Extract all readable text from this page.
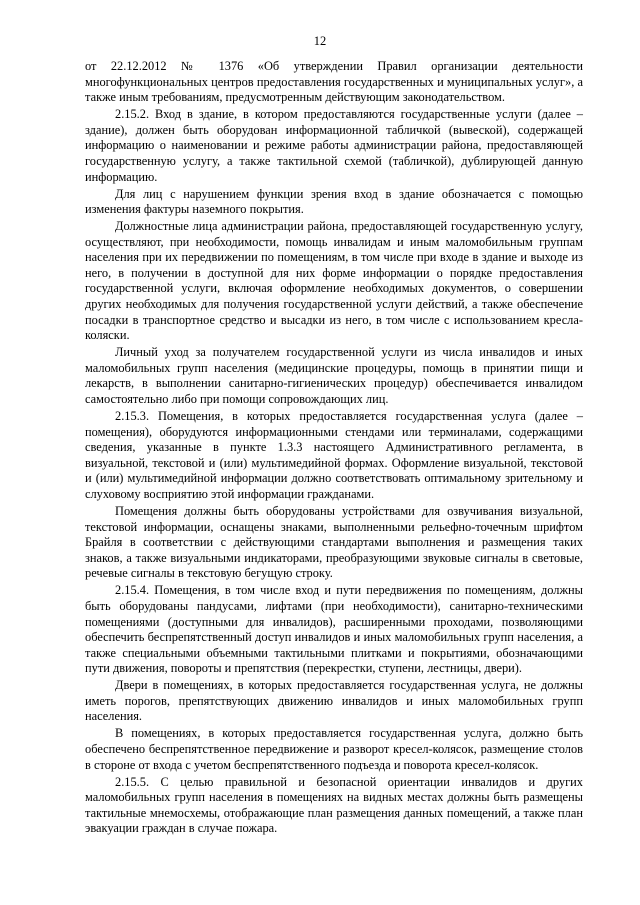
12

от 22.12.2012 № 1376 «Об утверждении Правил организации деятельности многофункциональных центров предоставления государственных и муниципальных услуг», а также иным требованиям, предусмотренным действующим законодательством.

2.15.2. Вход в здание, в котором предоставляются государственные услуги (далее – здание), должен быть оборудован информационной табличкой (вывеской), содержащей информацию о наименовании и режиме работы администрации района, предоставляющей государственную услугу, а также тактильной схемой (табличкой), дублирующей данную информацию.

Для лиц с нарушением функции зрения вход в здание обозначается с помощью изменения фактуры наземного покрытия.

Должностные лица администрации района, предоставляющей государственную услугу, осуществляют, при необходимости, помощь инвалидам и иным маломобильным группам населения при их передвижении по помещениям, в том числе при входе в здание и выходе из него, в получении в доступной для них форме информации о порядке предоставления государственной услуги, включая оформление необходимых документов, о совершении других необходимых для получения государственной услуги действий, а также обеспечение посадки в транспортное средство и высадки из него, в том числе с использованием кресла-коляски.

Личный уход за получателем государственной услуги из числа инвалидов и иных маломобильных групп населения (медицинские процедуры, помощь в принятии пищи и лекарств, в выполнении санитарно-гигиенических процедур) обеспечивается инвалидом самостоятельно либо при помощи сопровождающих лиц.

2.15.3. Помещения, в которых предоставляется государственная услуга (далее – помещения), оборудуются информационными стендами или терминалами, содержащими сведения, указанные в пункте 1.3.3 настоящего Административного регламента, в визуальной, текстовой и (или) мультимедийной формах. Оформление визуальной, текстовой и (или) мультимедийной информации должно соответствовать оптимальному зрительному и слуховому восприятию этой информации гражданами.

Помещения должны быть оборудованы устройствами для озвучивания визуальной, текстовой информации, оснащены знаками, выполненными рельефно-точечным шрифтом Брайля в соответствии с действующими стандартами выполнения и размещения таких знаков, а также визуальными индикаторами, преобразующими звуковые сигналы в световые, речевые сигналы в текстовую бегущую строку.

2.15.4. Помещения, в том числе вход и пути передвижения по помещениям, должны быть оборудованы пандусами, лифтами (при необходимости), санитарно-техническими помещениями (доступными для инвалидов), расширенными проходами, позволяющими обеспечить беспрепятственный доступ инвалидов и иных маломобильных групп населения, а также специальными объемными тактильными плитками и покрытиями, обозначающими пути движения, повороты и препятствия (перекрестки, ступени, лестницы, двери).

Двери в помещениях, в которых предоставляется государственная услуга, не должны иметь порогов, препятствующих движению инвалидов и иных маломобильных групп населения.

В помещениях, в которых предоставляется государственная услуга, должно быть обеспечено беспрепятственное передвижение и разворот кресел-колясок, размещение столов в стороне от входа с учетом беспрепятственного подъезда и поворота кресел-колясок.

2.15.5. С целью правильной и безопасной ориентации инвалидов и других маломобильных групп населения в помещениях на видных местах должны быть размещены тактильные мнемосхемы, отображающие план размещения данных помещений, а также план эвакуации граждан в случае пожара.
